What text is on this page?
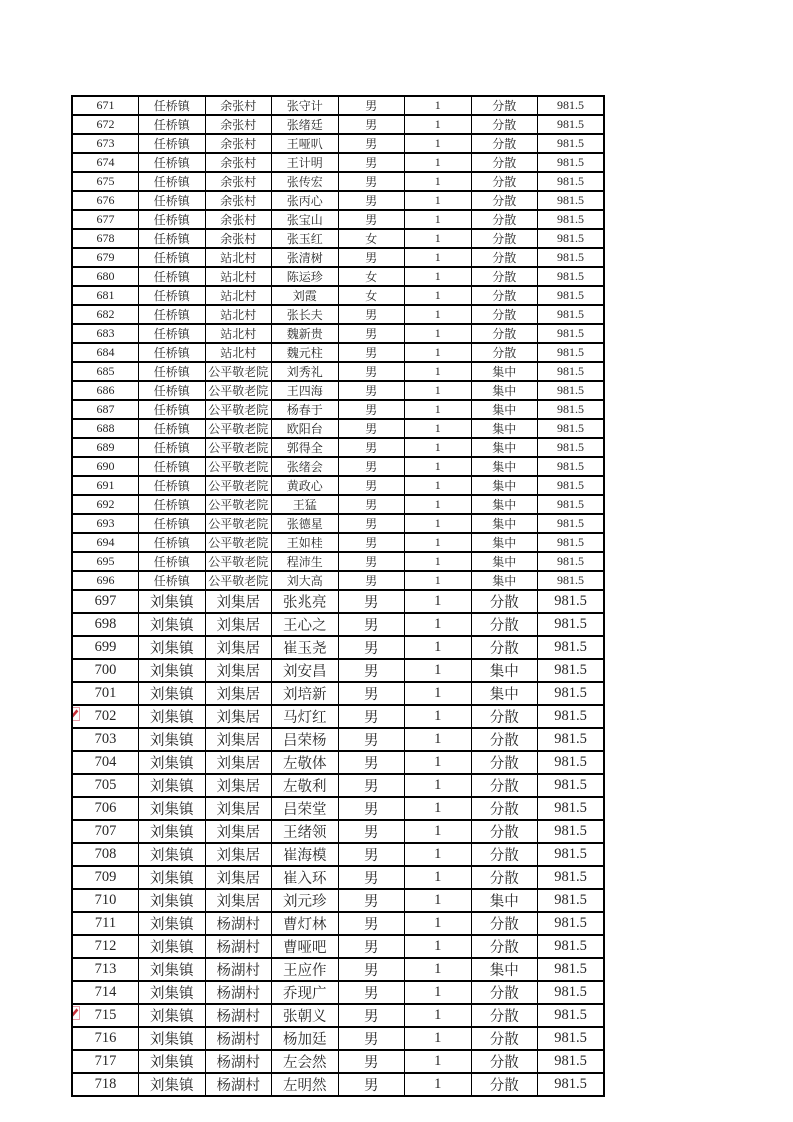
671	任桥镇	余张村	张守计	男	1	分散	981.5
672	任桥镇	余张村	张绪廷	男	1	分散	981.5
673	任桥镇	余张村	王哑叭	男	1	分散	981.5
674	任桥镇	余张村	王计明	男	1	分散	981.5
675	任桥镇	余张村	张传宏	男	1	分散	981.5
676	任桥镇	余张村	张丙心	男	1	分散	981.5
677	任桥镇	余张村	张宝山	男	1	分散	981.5
678	任桥镇	余张村	张玉红	女	1	分散	981.5
679	任桥镇	站北村	张清树	男	1	分散	981.5
680	任桥镇	站北村	陈运珍	女	1	分散	981.5
681	任桥镇	站北村	刘霞	女	1	分散	981.5
682	任桥镇	站北村	张长夫	男	1	分散	981.5
683	任桥镇	站北村	魏新贵	男	1	分散	981.5
684	任桥镇	站北村	魏元柱	男	1	分散	981.5
685	任桥镇	公平敬老院	刘秀礼	男	1	集中	981.5
686	任桥镇	公平敬老院	王四海	男	1	集中	981.5
687	任桥镇	公平敬老院	杨春于	男	1	集中	981.5
688	任桥镇	公平敬老院	欧阳台	男	1	集中	981.5
689	任桥镇	公平敬老院	郭得全	男	1	集中	981.5
690	任桥镇	公平敬老院	张绪会	男	1	集中	981.5
691	任桥镇	公平敬老院	黄政心	男	1	集中	981.5
692	任桥镇	公平敬老院	王猛	男	1	集中	981.5
693	任桥镇	公平敬老院	张德星	男	1	集中	981.5
694	任桥镇	公平敬老院	王如桂	男	1	集中	981.5
695	任桥镇	公平敬老院	程沛生	男	1	集中	981.5
696	任桥镇	公平敬老院	刘大高	男	1	集中	981.5
697	刘集镇	刘集居	张兆亮	男	1	分散	981.5
698	刘集镇	刘集居	王心之	男	1	分散	981.5
699	刘集镇	刘集居	崔玉尧	男	1	分散	981.5
700	刘集镇	刘集居	刘安昌	男	1	集中	981.5
701	刘集镇	刘集居	刘培新	男	1	集中	981.5
702	刘集镇	刘集居	马灯红	男	1	分散	981.5
703	刘集镇	刘集居	吕荣杨	男	1	分散	981.5
704	刘集镇	刘集居	左敬体	男	1	分散	981.5
705	刘集镇	刘集居	左敬利	男	1	分散	981.5
706	刘集镇	刘集居	吕荣堂	男	1	分散	981.5
707	刘集镇	刘集居	王绪领	男	1	分散	981.5
708	刘集镇	刘集居	崔海模	男	1	分散	981.5
709	刘集镇	刘集居	崔入环	男	1	分散	981.5
710	刘集镇	刘集居	刘元珍	男	1	集中	981.5
711	刘集镇	杨湖村	曹灯林	男	1	分散	981.5
712	刘集镇	杨湖村	曹哑吧	男	1	分散	981.5
713	刘集镇	杨湖村	王应作	男	1	集中	981.5
714	刘集镇	杨湖村	乔现广	男	1	分散	981.5
715	刘集镇	杨湖村	张朝义	男	1	分散	981.5
716	刘集镇	杨湖村	杨加廷	男	1	分散	981.5
717	刘集镇	杨湖村	左会然	男	1	分散	981.5
718	刘集镇	杨湖村	左明然	男	1	分散	981.5
